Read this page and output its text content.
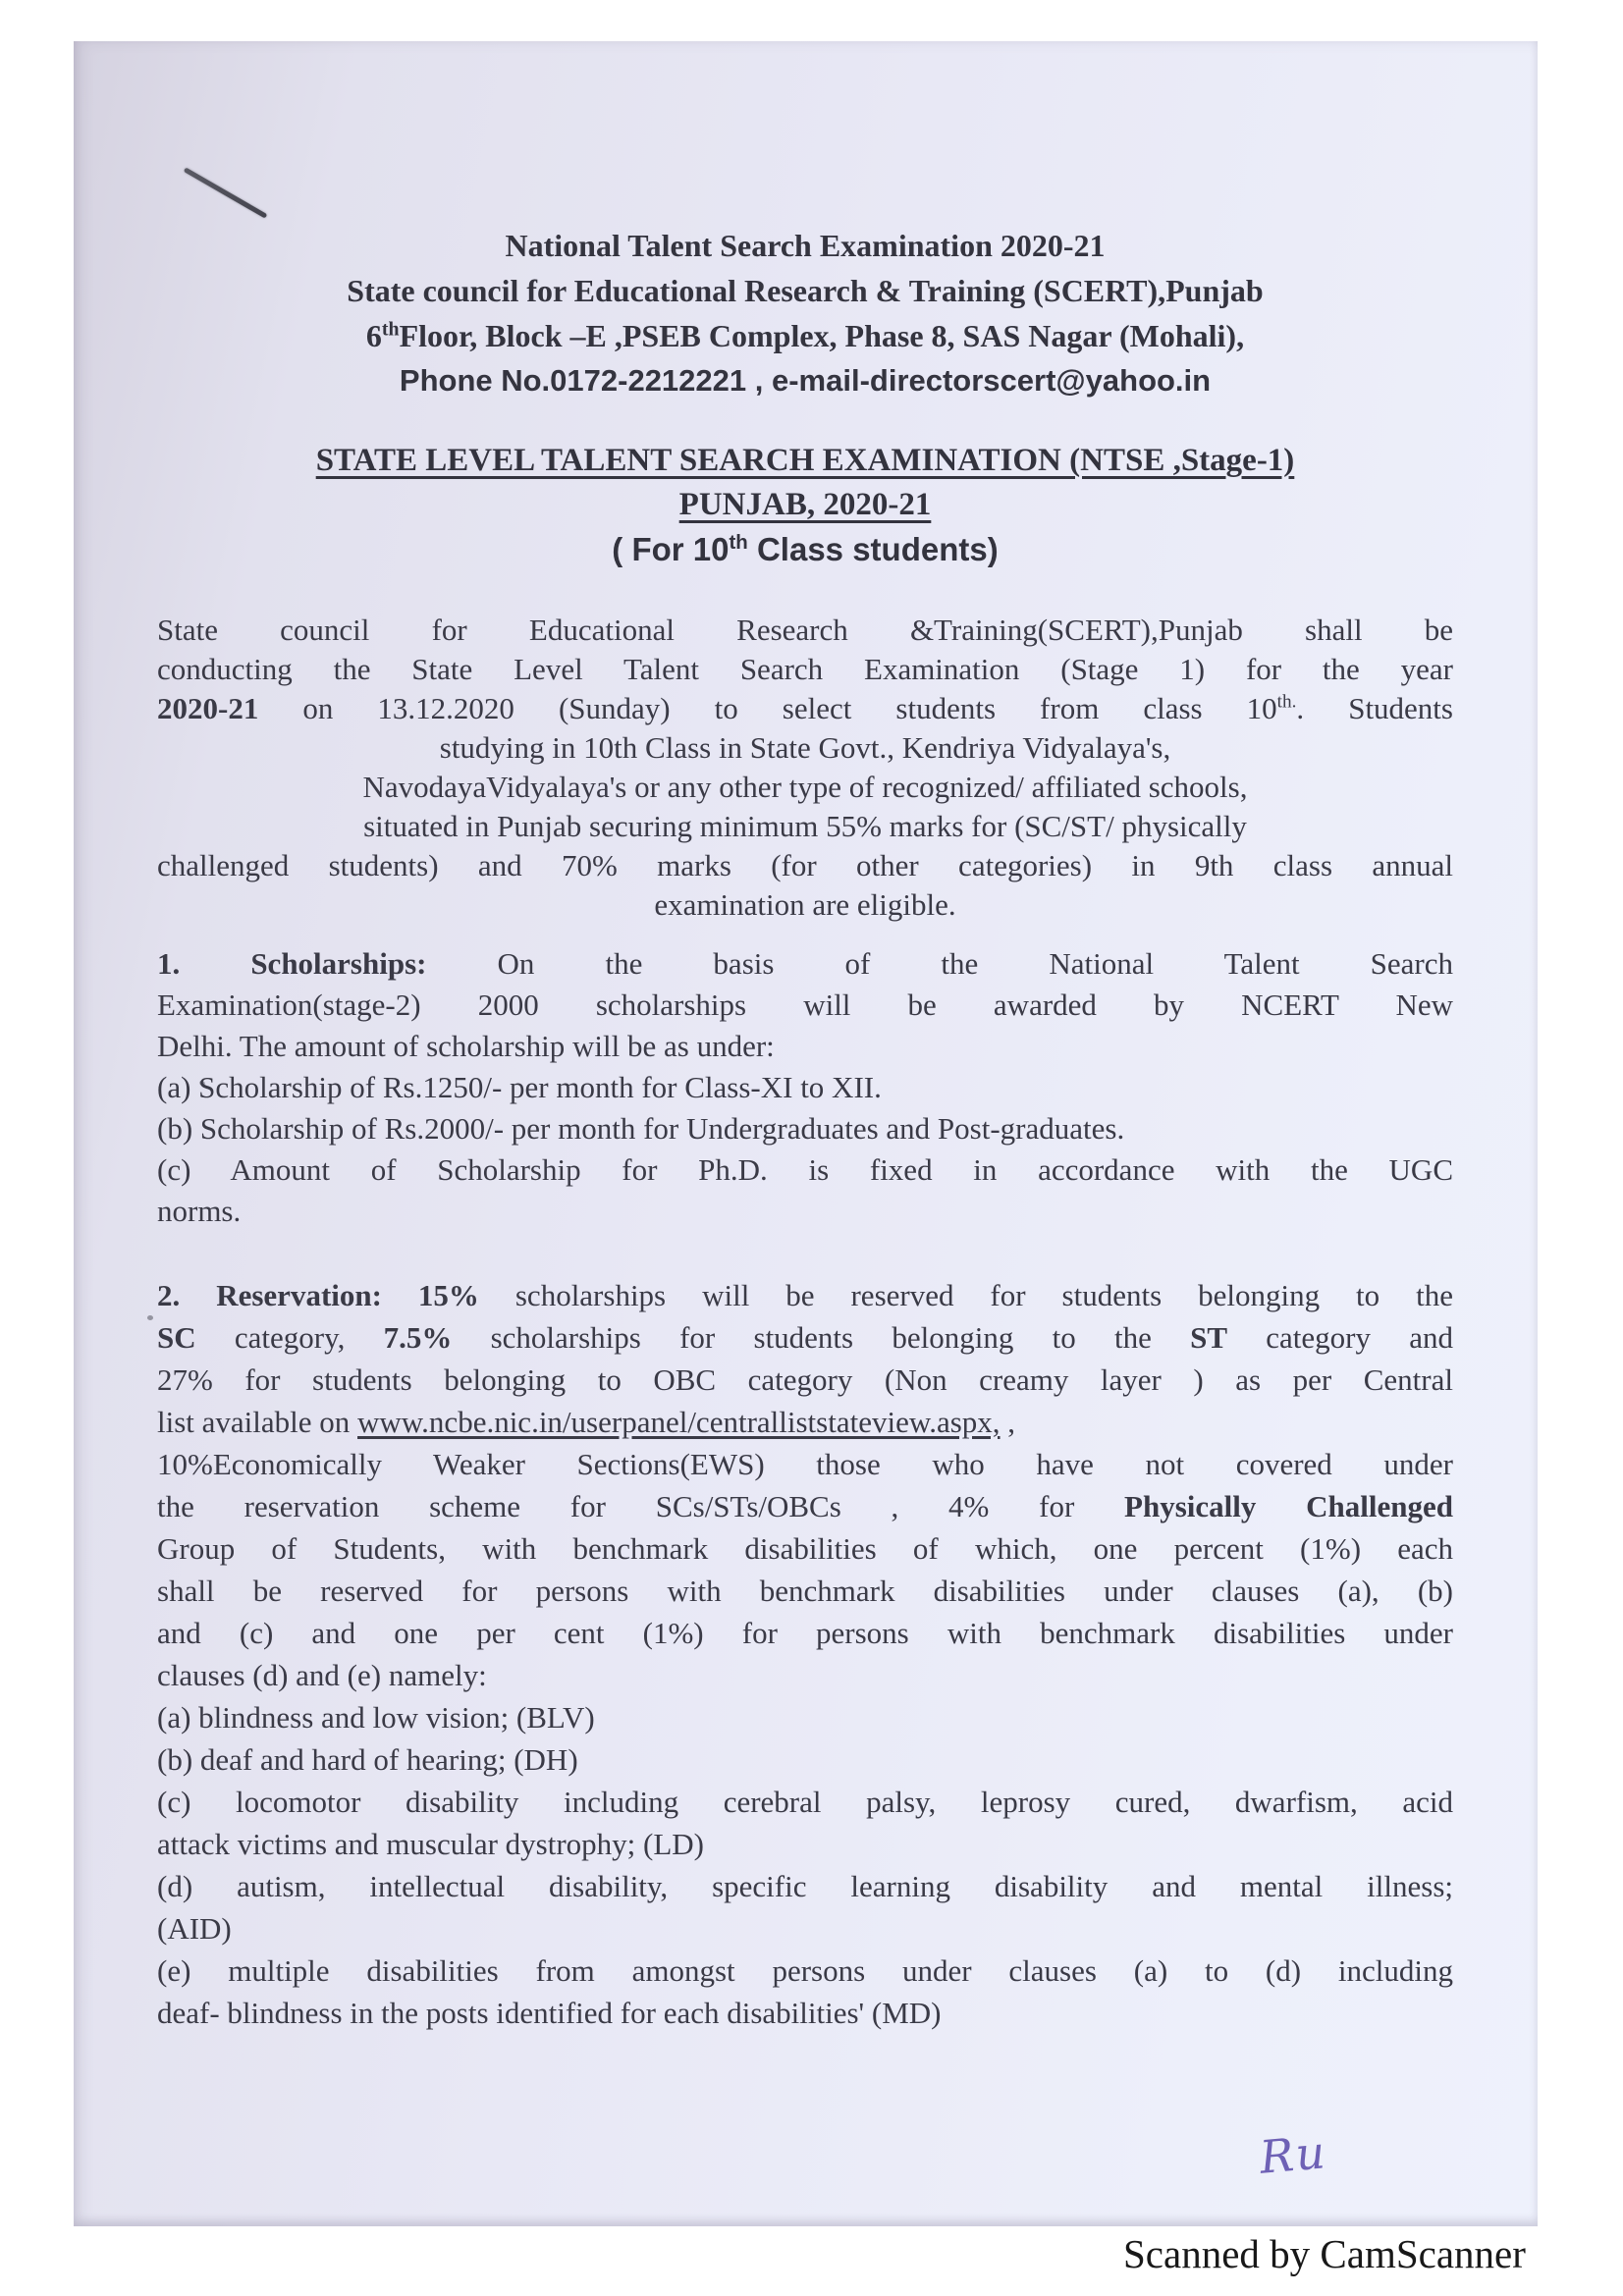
National Talent Search Examination 2020-21
State council for Educational Research & Training (SCERT),Punjab
6thFloor, Block –E ,PSEB Complex, Phase 8, SAS Nagar (Mohali),
Phone No.0172-2212221 , e-mail-directorscert@yahoo.in
STATE LEVEL TALENT SEARCH EXAMINATION (NTSE ,Stage-1)
PUNJAB, 2020-21
( For 10th Class students)
State council for Educational Research &Training(SCERT),Punjab shall be
conducting the State Level Talent Search Examination (Stage 1) for the year
2020-21 on 13.12.2020 (Sunday) to select students from class $10^{th.}$. Students
studying in 10th Class in State Govt., Kendriya Vidyalaya's,
NavodayaVidyalaya's or any other type of recognized/ affiliated schools,
situated in Punjab securing minimum 55% marks for (SC/ST/ physically
challenged students) and 70% marks (for other categories) in 9th class annual
examination are eligible.
1. Scholarships: On the basis of the National Talent Search
Examination(stage-2) 2000 scholarships will be awarded by NCERT New
Delhi. The amount of scholarship will be as under:
(a) Scholarship of Rs.1250/- per month for Class-XI to XII.
(b) Scholarship of Rs.2000/- per month for Undergraduates and Post-graduates.
(c) Amount of Scholarship for Ph.D. is fixed in accordance with the UGC
norms.
2. Reservation: 15% scholarships will be reserved for students belonging to the
SC category, 7.5% scholarships for students belonging to the ST category and
27% for students belonging to OBC category (Non creamy layer ) as per Central
list available on www.ncbe.nic.in/userpanel/centralliststateview.aspx, ,
10%Economically Weaker Sections(EWS) those who have not covered under
the reservation scheme for SCs/STs/OBCs , 4% for Physically Challenged
Group of Students, with benchmark disabilities of which, one percent (1%) each
shall be reserved for persons with benchmark disabilities under clauses (a), (b)
and (c) and one per cent (1%) for persons with benchmark disabilities under
clauses (d) and (e) namely:
(a) blindness and low vision; (BLV)
(b) deaf and hard of hearing; (DH)
(c) locomotor disability including cerebral palsy, leprosy cured, dwarfism, acid
attack victims and muscular dystrophy; (LD)
(d) autism, intellectual disability, specific learning disability and mental illness;
(AID)
(e) multiple disabilities from amongst persons under clauses (a) to (d) including
deaf- blindness in the posts identified for each disabilities' (MD)
Ru
Scanned by CamScanner
